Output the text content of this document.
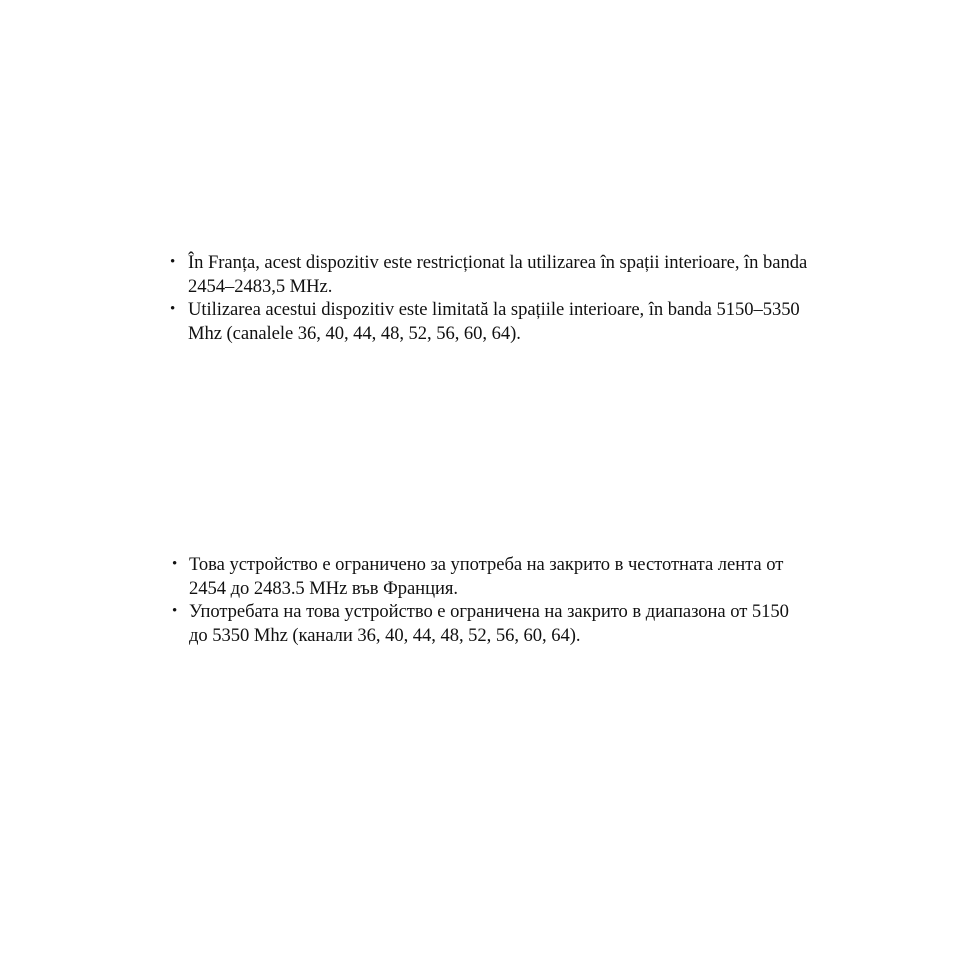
• În Franța, acest dispozitiv este restricționat la utilizarea în spații interioare, în banda
2454–2483,5 MHz.
• Utilizarea acestui dispozitiv este limitată la spațiile interioare, în banda 5150–5350
Mhz (canalele 36, 40, 44, 48, 52, 56, 60, 64).
• Това устройство е ограничено за употреба на закрито в честотната лента от
2454 до 2483.5 MHz във Франция.
• Употребата на това устройство е ограничена на закрито в диапазона от 5150
до 5350 Mhz (канали 36, 40, 44, 48, 52, 56, 60, 64).
